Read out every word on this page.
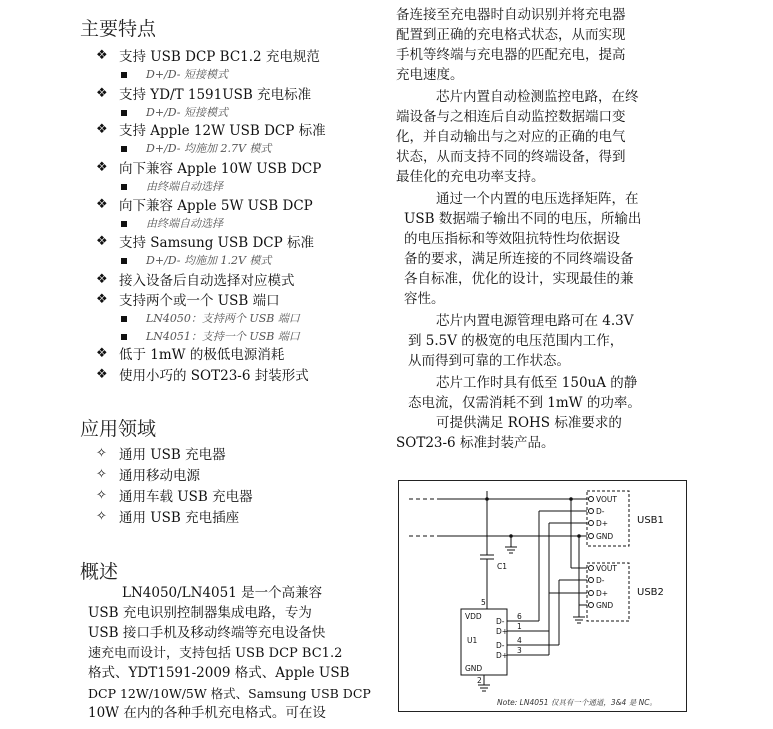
主要特点
❖ 支持 USB DCP BC1.2 充电规范
D+/D- 短接模式
❖ 支持 YD/T 1591USB 充电标准
D+/D- 短接模式
❖ 支持 Apple 12W USB DCP 标准
D+/D- 均施加 2.7V 模式
❖ 向下兼容 Apple 10W USB DCP
由终端自动选择
❖ 向下兼容 Apple 5W USB DCP
由终端自动选择
❖ 支持 Samsung USB DCP 标准
D+/D- 均施加 1.2V 模式
❖ 接入设备后自动选择对应模式
❖ 支持两个或一个 USB 端口
LN4050：支持两个 USB 端口
LN4051：支持一个 USB 端口
❖ 低于 1mW 的极低电源消耗
❖ 使用小巧的 SOT23-6 封装形式
应用领域
✧ 通用 USB 充电器
✧ 通用移动电源
✧ 通用车载 USB 充电器
✧ 通用 USB 充电插座
概述
LN4050/LN4051 是一个高兼容
USB 充电识别控制器集成电路，专为
USB 接口手机及移动终端等充电设备快
速充电而设计，支持包括 USB DCP BC1.2
格式、YDT1591-2009 格式、Apple USB
DCP 12W/10W/5W 格式、Samsung USB DCP
10W 在内的各种手机充电格式。可在设
备连接至充电器时自动识别并将充电器
配置到正确的充电格式状态，从而实现
手机等终端与充电器的匹配充电，提高
充电速度。
芯片内置自动检测监控电路，在终
端设备与之相连后自动监控数据端口变
化，并自动输出与之对应的正确的电气
状态，从而支持不同的终端设备，得到
最佳化的充电功率支持。
通过一个内置的电压选择矩阵，在
USB 数据端子输出不同的电压，所输出
的电压指标和等效阻抗特性均依据设
备的要求，满足所连接的不同终端设备
各自标准，优化的设计，实现最佳的兼
容性。
芯片内置电源管理电路可在 4.3V
到 5.5V 的极宽的电压范围内工作，
从而得到可靠的工作状态。
芯片工作时具有低至 150uA 的静
态电流，仅需消耗不到 1mW 的功率。
可提供满足 ROHS 标准要求的
SOT23-6 标准封装产品。
VOUT
D-
D+
GND
VOUT
D-
D+
GND
C1
5
VDD
U1
GND
2
D-
D+
D-
D+
6
1
4
3
USB1
USB2
Note: LN4051 仅具有一个通道，3&4 是 NC。
